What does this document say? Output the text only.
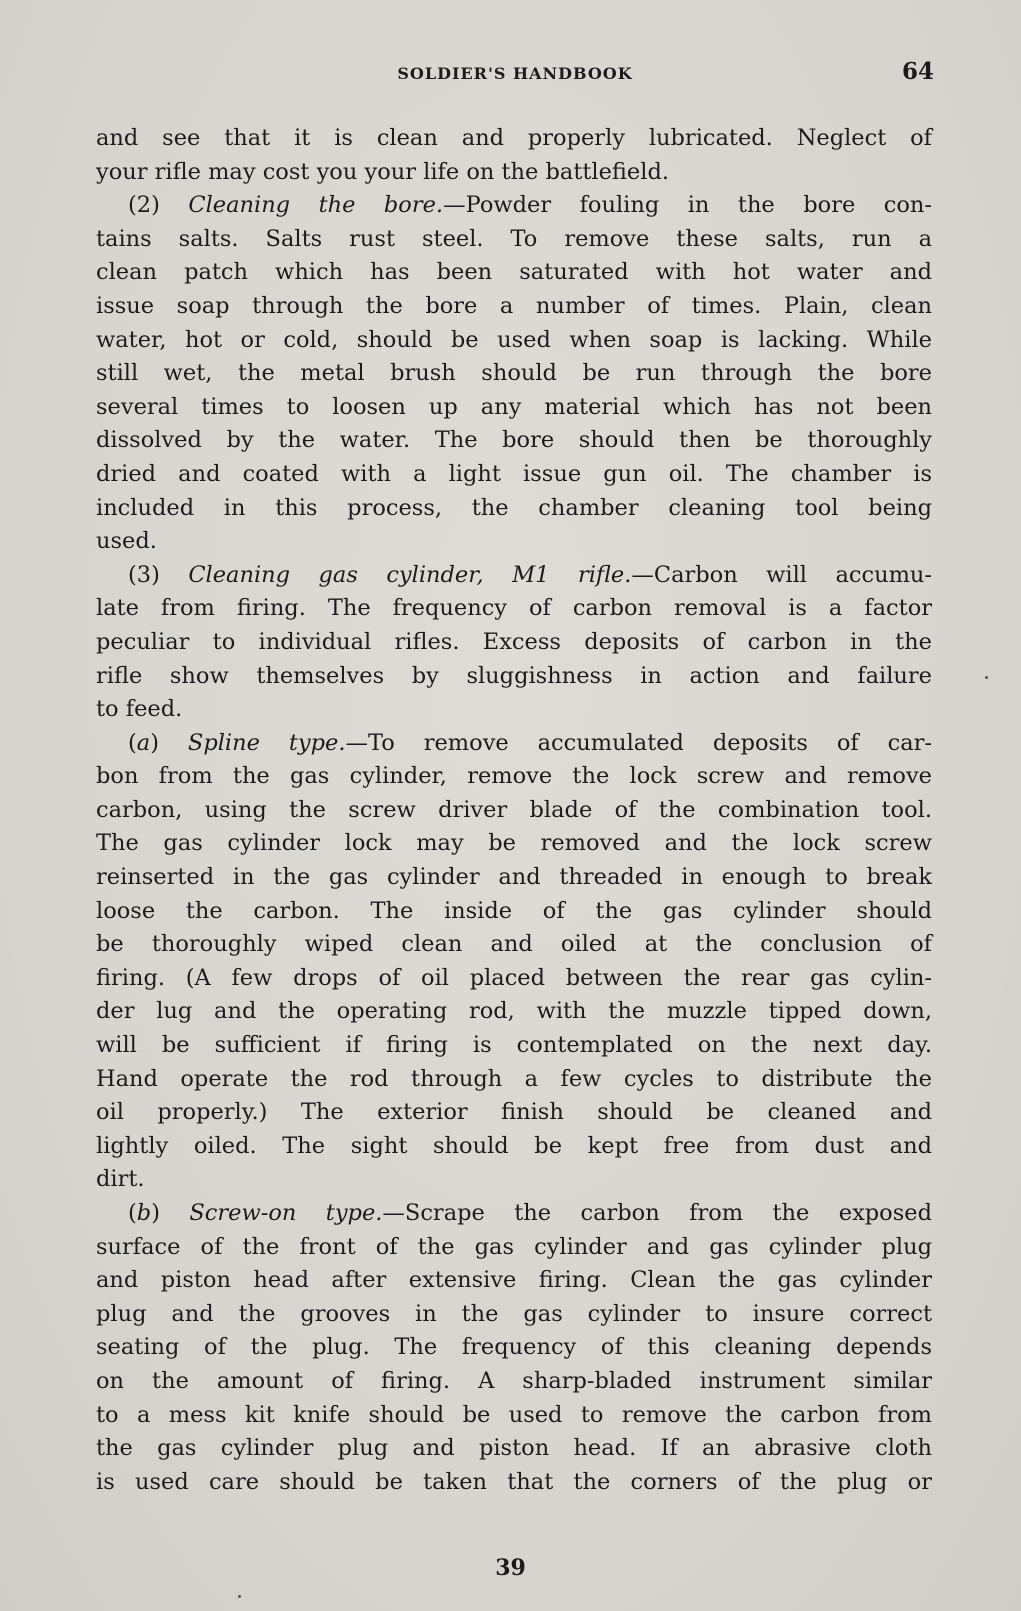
SOLDIER'S HANDBOOK	64
and see that it is clean and properly lubricated. Neglect of
your rifle may cost you your life on the battlefield.
(2) Cleaning the bore.—Powder fouling in the bore con-
tains salts. Salts rust steel. To remove these salts, run a
clean patch which has been saturated with hot water and
issue soap through the bore a number of times. Plain, clean
water, hot or cold, should be used when soap is lacking. While
still wet, the metal brush should be run through the bore
several times to loosen up any material which has not been
dissolved by the water. The bore should then be thoroughly
dried and coated with a light issue gun oil. The chamber is
included in this process, the chamber cleaning tool being
used.
(3) Cleaning gas cylinder, M1 rifle.—Carbon will accumu-
late from firing. The frequency of carbon removal is a factor
peculiar to individual rifles. Excess deposits of carbon in the
rifle show themselves by sluggishness in action and failure
to feed.
(a) Spline type.—To remove accumulated deposits of car-
bon from the gas cylinder, remove the lock screw and remove
carbon, using the screw driver blade of the combination tool.
The gas cylinder lock may be removed and the lock screw
reinserted in the gas cylinder and threaded in enough to break
loose the carbon. The inside of the gas cylinder should
be thoroughly wiped clean and oiled at the conclusion of
firing. (A few drops of oil placed between the rear gas cylin-
der lug and the operating rod, with the muzzle tipped down,
will be sufficient if firing is contemplated on the next day.
Hand operate the rod through a few cycles to distribute the
oil properly.) The exterior finish should be cleaned and
lightly oiled. The sight should be kept free from dust and
dirt.
(b) Screw-on type.—Scrape the carbon from the exposed
surface of the front of the gas cylinder and gas cylinder plug
and piston head after extensive firing. Clean the gas cylinder
plug and the grooves in the gas cylinder to insure correct
seating of the plug. The frequency of this cleaning depends
on the amount of firing. A sharp-bladed instrument similar
to a mess kit knife should be used to remove the carbon from
the gas cylinder plug and piston head. If an abrasive cloth
is used care should be taken that the corners of the plug or
39
